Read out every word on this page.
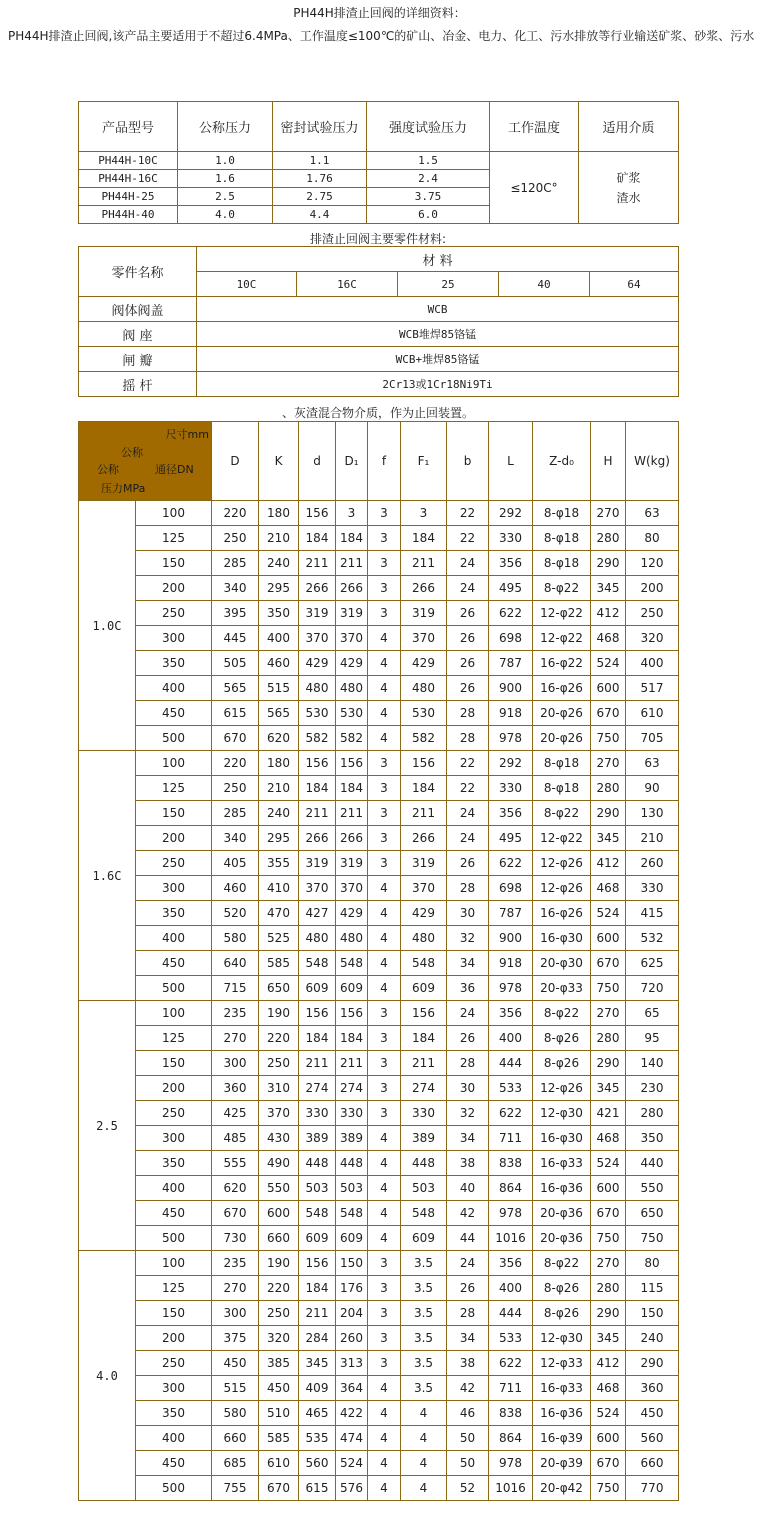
PH44H排渣止回阀的详细资料：
PH44H排渣止回阀,该产品主要适用于不超过6.4MPa、工作温度≤100℃的矿山、冶金、电力、化工、污水排放等行业输送矿浆、砂浆、污水
产品型号	公称压力	密封试验压力	强度试验压力	工作温度	适用介质
PH44H-10C	1.0	1.1	1.5	≤120C°	矿浆
渣水

PH44H-16C	1.6	1.76	2.4		
PH44H-25	2.5	2.75	3.75		
PH44H-40	4.0	4.4	6.0		
排渣止回阀主要零件材料:
零件名称	材 料				
	10C	16C	25	40	64
阀体阀盖	WCB				
阀 座	WCB堆焊85铬锰				
闸 瓣	WCB+堆焊85铬锰				
摇 杆	2Cr13或1Cr18Ni9Ti				
、灰渣混合物介质，作为止回装置。
尺寸mm
公称
公称 通径DN
压力MPa		D	K	d	D₁	f	F₁	b	L	Z-d₀	H	W(kg)
1.0C	100	220	180	156	3	3	3	22	292	8-φ18	270	63
	125	250	210	184	184	3	184	22	330	8-φ18	280	80
	150	285	240	211	211	3	211	24	356	8-φ18	290	120
	200	340	295	266	266	3	266	24	495	8-φ22	345	200
	250	395	350	319	319	3	319	26	622	12-φ22	412	250
	300	445	400	370	370	4	370	26	698	12-φ22	468	320
	350	505	460	429	429	4	429	26	787	16-φ22	524	400
	400	565	515	480	480	4	480	26	900	16-φ26	600	517
	450	615	565	530	530	4	530	28	918	20-φ26	670	610
	500	670	620	582	582	4	582	28	978	20-φ26	750	705
1.6C	100	220	180	156	156	3	156	22	292	8-φ18	270	63
	125	250	210	184	184	3	184	22	330	8-φ18	280	90
	150	285	240	211	211	3	211	24	356	8-φ22	290	130
	200	340	295	266	266	3	266	24	495	12-φ22	345	210
	250	405	355	319	319	3	319	26	622	12-φ26	412	260
	300	460	410	370	370	4	370	28	698	12-φ26	468	330
	350	520	470	427	429	4	429	30	787	16-φ26	524	415
	400	580	525	480	480	4	480	32	900	16-φ30	600	532
	450	640	585	548	548	4	548	34	918	20-φ30	670	625
	500	715	650	609	609	4	609	36	978	20-φ33	750	720
2.5	100	235	190	156	156	3	156	24	356	8-φ22	270	65
	125	270	220	184	184	3	184	26	400	8-φ26	280	95
	150	300	250	211	211	3	211	28	444	8-φ26	290	140
	200	360	310	274	274	3	274	30	533	12-φ26	345	230
	250	425	370	330	330	3	330	32	622	12-φ30	421	280
	300	485	430	389	389	4	389	34	711	16-φ30	468	350
	350	555	490	448	448	4	448	38	838	16-φ33	524	440
	400	620	550	503	503	4	503	40	864	16-φ36	600	550
	450	670	600	548	548	4	548	42	978	20-φ36	670	650
	500	730	660	609	609	4	609	44	1016	20-φ36	750	750
4.0	100	235	190	156	150	3	3.5	24	356	8-φ22	270	80
	125	270	220	184	176	3	3.5	26	400	8-φ26	280	115
	150	300	250	211	204	3	3.5	28	444	8-φ26	290	150
	200	375	320	284	260	3	3.5	34	533	12-φ30	345	240
	250	450	385	345	313	3	3.5	38	622	12-φ33	412	290
	300	515	450	409	364	4	3.5	42	711	16-φ33	468	360
	350	580	510	465	422	4	4	46	838	16-φ36	524	450
	400	660	585	535	474	4	4	50	864	16-φ39	600	560
	450	685	610	560	524	4	4	50	978	20-φ39	670	660
	500	755	670	615	576	4	4	52	1016	20-φ42	750	770
